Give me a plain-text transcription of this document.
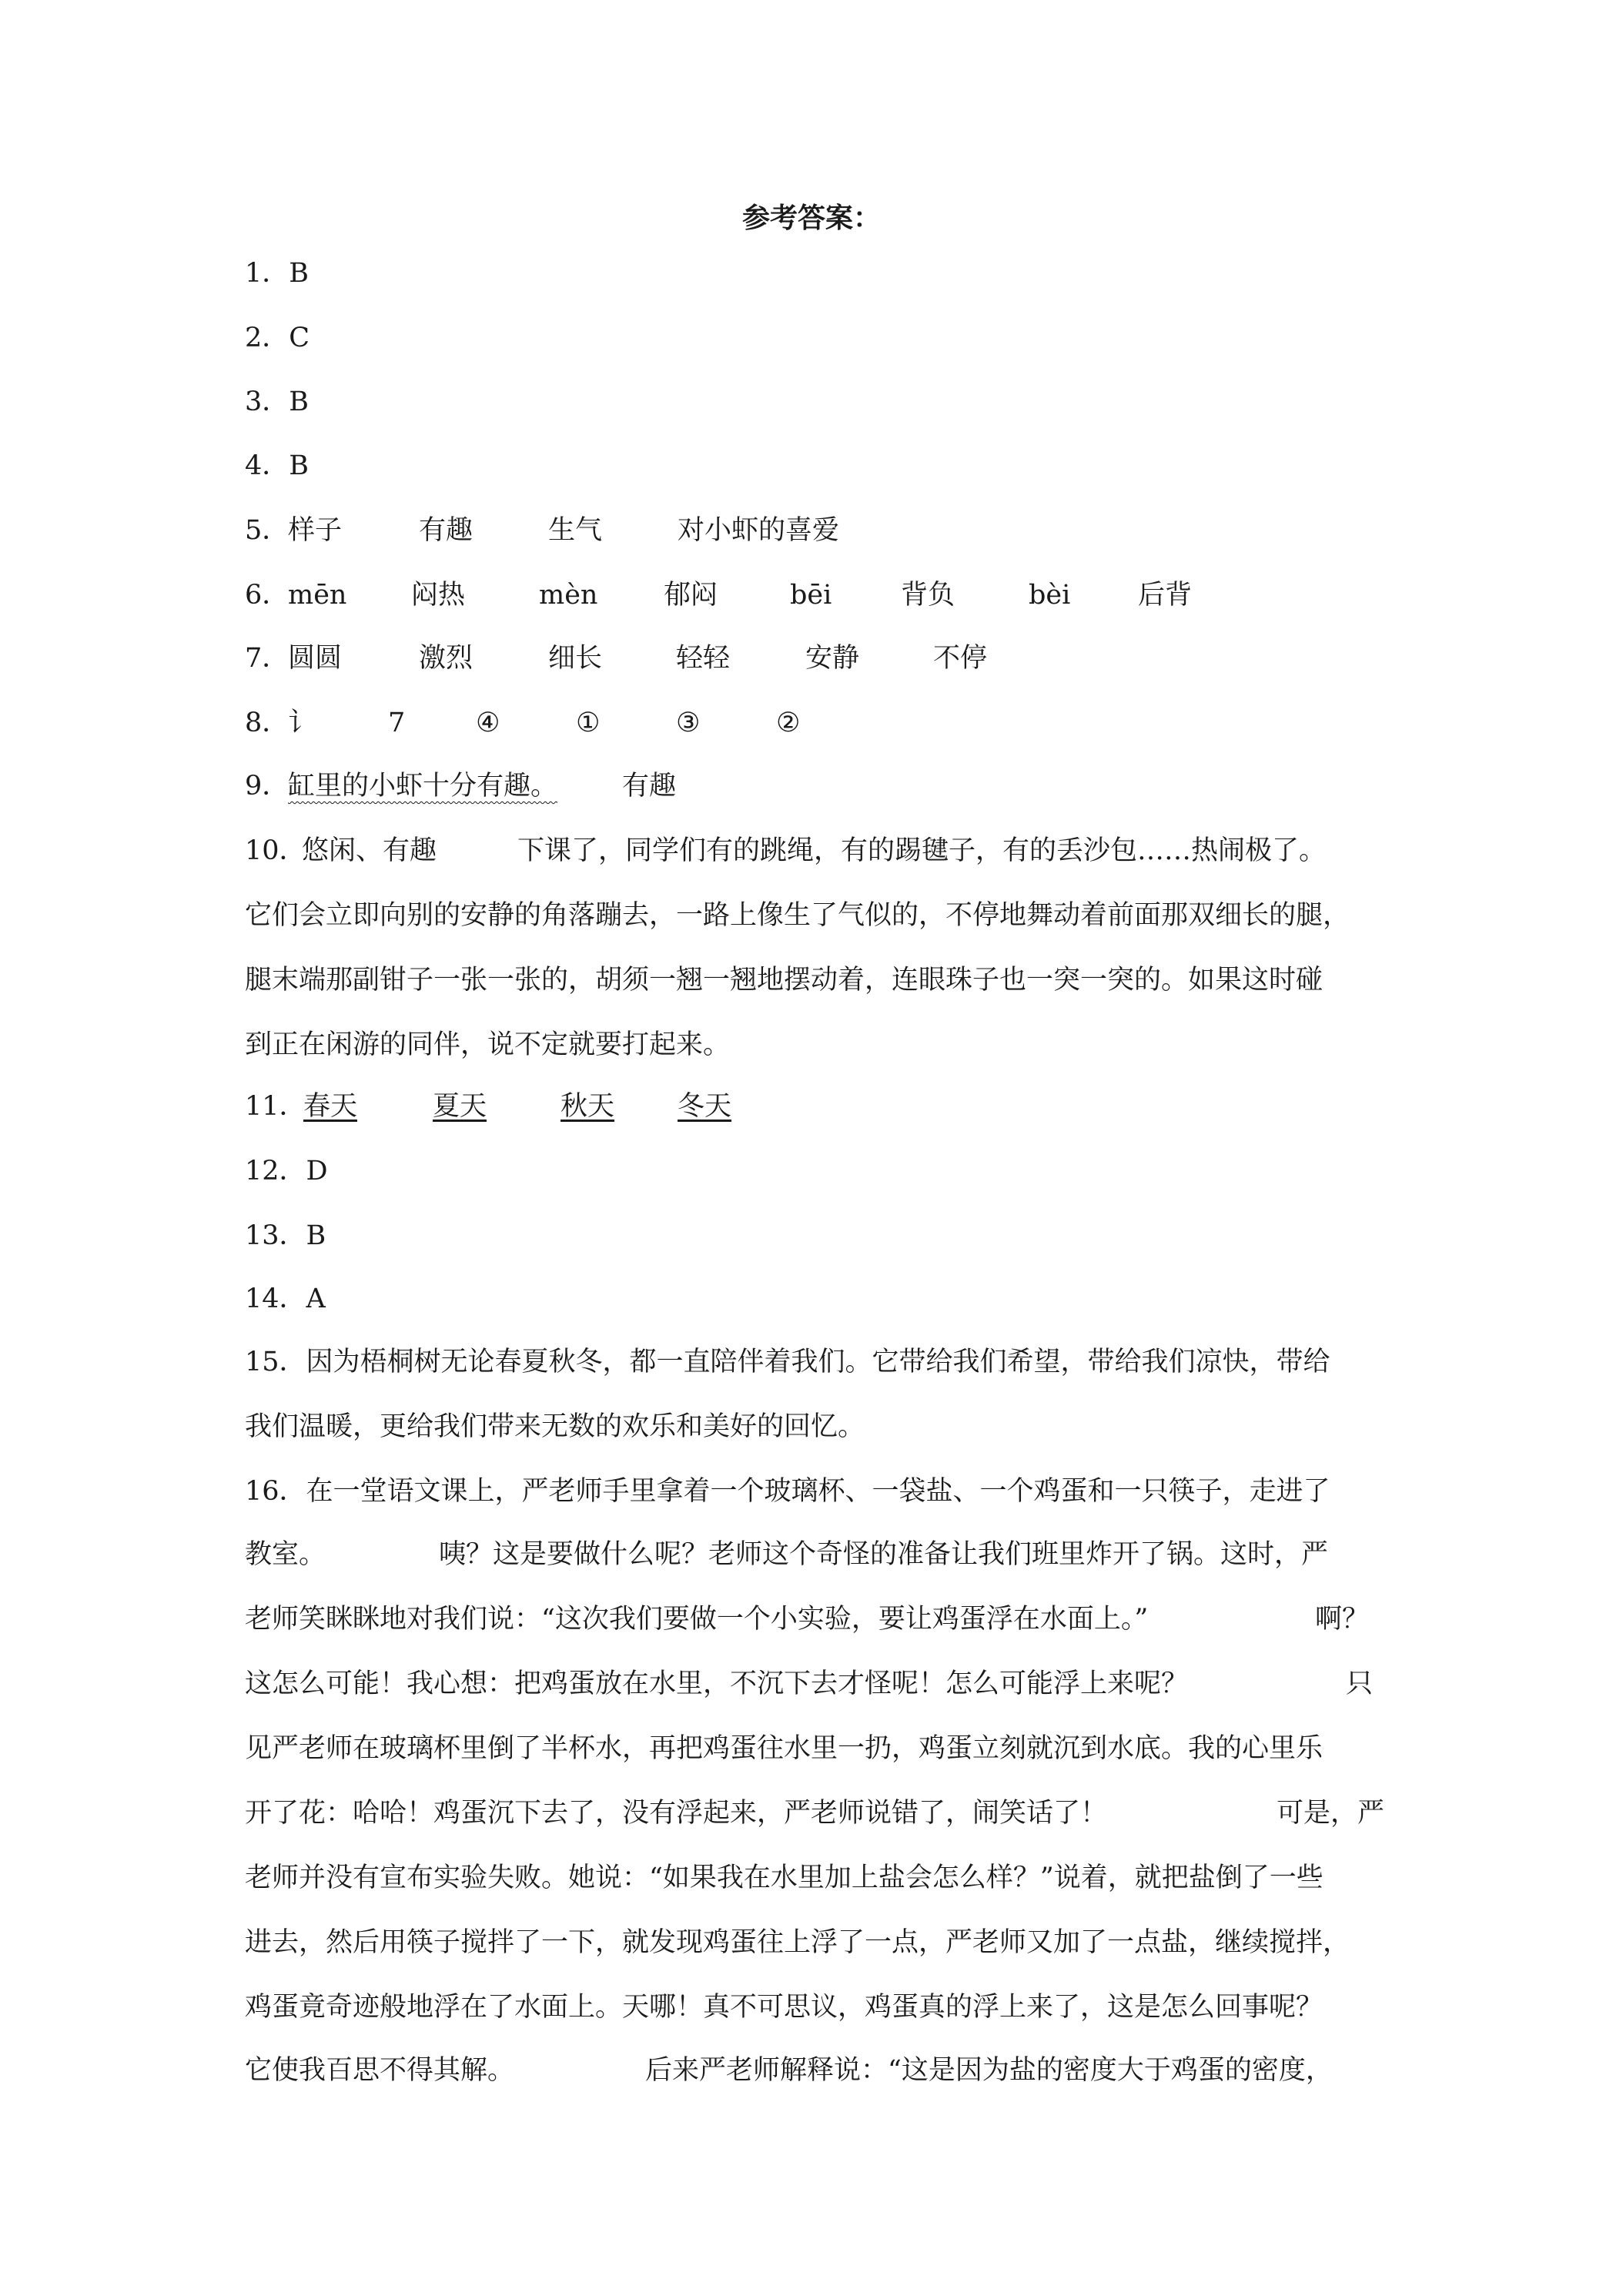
参考答案：
1．B
2．C
3．B
4．B
5．
样子	有趣	生气	对小虾的喜爱
6．
mēn 闷热	mèn 郁闷	bēi	背负	bèi	后背
7．
圆圆	激烈	细长	轻轻	安静	不停
8．
讠	7	④	①	③	②
9．
缸里的小虾十分有趣。 有趣
10．
悠闲、有趣	下课了，同学们有的跳绳，有的踢毽子，有的丢沙包……热闹极了。
它们会立即向别的安静的角落蹦去，一路上像生了气似的，不停地舞动着前面那双细长的腿，
腿末端那副钳子一张一张的，胡须一翘一翘地摆动着，连眼珠子也一突一突的。如果这时碰
到正在闲游的同伴，说不定就要打起来。
11．
春天	夏天	秋天 冬天
12．D
13．B
14．A
15．因为梧桐树无论春夏秋冬，都一直陪伴着我们。它带给我们希望，带给我们凉快，带给
我们温暖，更给我们带来无数的欢乐和美好的回忆。
16．在一堂语文课上，严老师手里拿着一个玻璃杯、一袋盐、一个鸡蛋和一只筷子，走进了
教室。	咦？这是要做什么呢？老师这个奇怪的准备让我们班里炸开了锅。这时，严
老师笑眯眯地对我们说：“这次我们要做一个小实验，要让鸡蛋浮在水面上。”	啊？
这怎么可能！我心想：把鸡蛋放在水里，不沉下去才怪呢！怎么可能浮上来呢？	只
见严老师在玻璃杯里倒了半杯水，再把鸡蛋往水里一扔，鸡蛋立刻就沉到水底。我的心里乐
开了花：哈哈！鸡蛋沉下去了，没有浮起来，严老师说错了，闹笑话了！	可是，严
老师并没有宣布实验失败。她说：“如果我在水里加上盐会怎么样？”说着，就把盐倒了一些
进去，然后用筷子搅拌了一下，就发现鸡蛋往上浮了一点，严老师又加了一点盐，继续搅拌，
鸡蛋竟奇迹般地浮在了水面上。天哪！真不可思议，鸡蛋真的浮上来了，这是怎么回事呢？
它使我百思不得其解。	后来严老师解释说：“这是因为盐的密度大于鸡蛋的密度，
